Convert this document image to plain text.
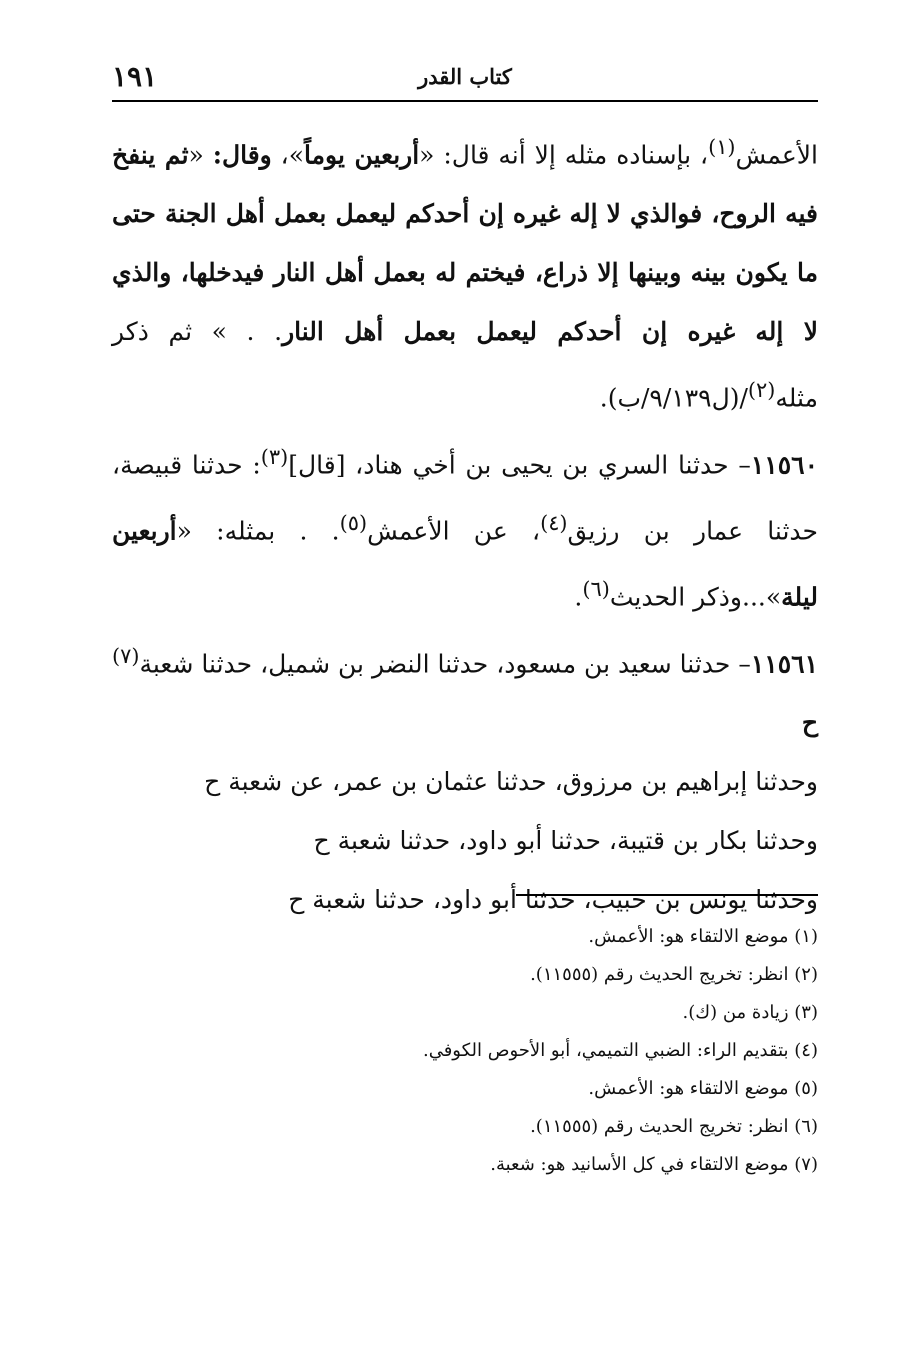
كتاب القدر
١٩١

الأعمش$^{(١)}$، بإسناده مثله إلا أنه قال: «أربعين يوماً»، وقال: «ثم ينفخ فيه الروح، فوالذي لا إله غيره إن أحدكم ليعمل بعمل أهل الجنة حتى ما يكون بينه وبينها إلا ذراع، فيختم له بعمل أهل النار فيدخلها، والذي لا إله غيره إن أحدكم ليعمل بعمل أهل النار. . » ثم ذكر مثله$^{(٢)}$/(ل٩/١٣٩/ب).

١١٥٦٠– حدثنا السري بن يحيى بن أخي هناد، [قال]$^{(٣)}$: حدثنا قبيصة، حدثنا عمار بن رزيق$^{(٤)}$، عن الأعمش$^{(٥)}$. . بمثله: «أربعين ليلة»...وذكر الحديث$^{(٦)}$.

١١٥٦١– حدثنا سعيد بن مسعود، حدثنا النضر بن شميل، حدثنا شعبة$^{(٧)}$ ح

وحدثنا إبراهيم بن مرزوق، حدثنا عثمان بن عمر، عن شعبة ح

وحدثنا بكار بن قتيبة، حدثنا أبو داود، حدثنا شعبة ح

وحدثنا يونس بن حبيب، حدثنا أبو داود، حدثنا شعبة ح

(١) موضع الالتقاء هو: الأعمش.
(٢) انظر: تخريج الحديث رقم (١١٥٥٥).
(٣) زيادة من (ك).
(٤) بتقديم الراء: الضبي التميمي، أبو الأحوص الكوفي.
(٥) موضع الالتقاء هو: الأعمش.
(٦) انظر: تخريج الحديث رقم (١١٥٥٥).
(٧) موضع الالتقاء في كل الأسانيد هو: شعبة.
